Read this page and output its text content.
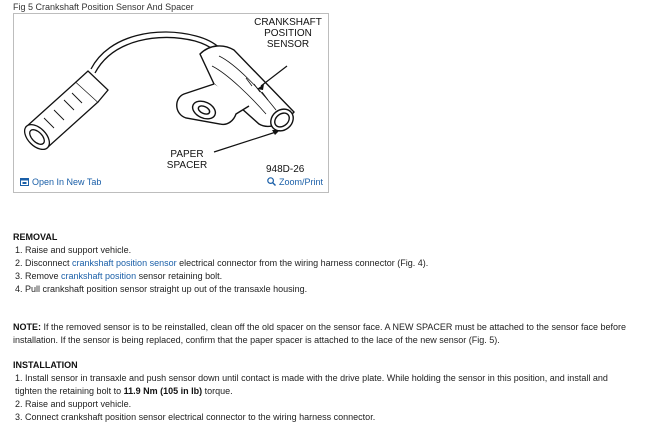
Fig 5 Crankshaft Position Sensor And Spacer
CRANKSHAFT
POSITION
SENSOR
PAPER
SPACER	948D-26
Open In New Tab	Zoom/Print

REMOVAL

1. Raise and support vehicle.

2. Disconnect crankshaft position sensor electrical connector from the wiring harness connector (Fig. 4).

3. Remove crankshaft position sensor retaining bolt.

4. Pull crankshaft position sensor straight up out of the transaxle housing.

NOTE: If the removed sensor is to be reinstalled, clean off the old spacer on the sensor face. A NEW SPACER must be attached to the sensor face before installation. If the sensor is being replaced, confirm that the paper spacer is attached to the lace of the new sensor (Fig. 5).

INSTALLATION

1. Install sensor in transaxle and push sensor down until contact is made with the drive plate. While holding the sensor in this position, and install and tighten the retaining bolt to 11.9 Nm (105 in lb) torque.

2. Raise and support vehicle.

3. Connect crankshaft position sensor electrical connector to the wiring harness connector.
